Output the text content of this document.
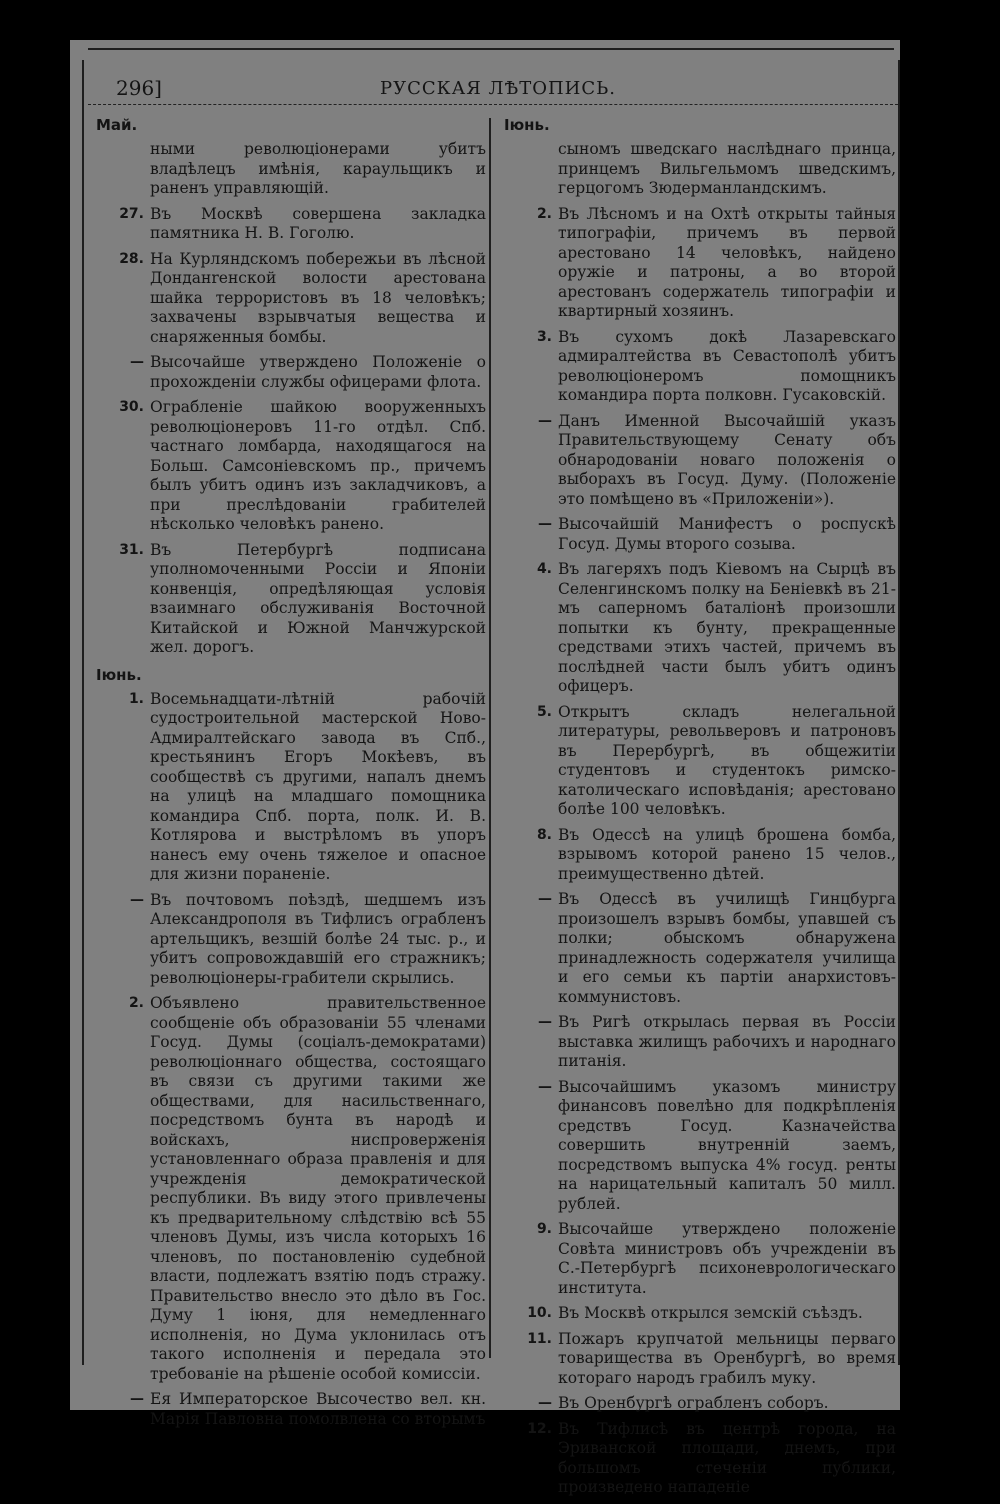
296]	РУССКАЯ ЛѢТОПИСЬ.
Май.
ными революціонерами убитъ владѣлецъ имѣнія, караульщикъ и раненъ управляющій.
27. Въ Москвѣ совершена закладка памятника Н. В. Гоголю.
28. На Курляндскомъ побережьи въ лѣсной Донданrенской волости арестована шайка террористовъ въ 18 человѣкъ; захвачены взрывчатыя вещества и снаряженныя бомбы.
— Высочайше утверждено Положеніе о прохожденіи службы офицерами флота.
30. Ограбленіе шайкою вооруженныхъ революціонеровъ 11-го отдѣл. Спб. частнаго ломбарда, находящагося на Больш. Самсоніевскомъ пр., причемъ былъ убитъ одинъ изъ закладчиковъ, а при преслѣдованіи грабителей нѣсколько человѣкъ ранено.
31. Въ Петербургѣ подписана уполномоченными Россіи и Японіи конвенція, опредѣляющая условія взаимнаго обслуживанія Восточной Китайской и Южной Манчжурской жел. дорогъ.
Іюнь.
1. Восемьнадцати-лѣтній рабочій судостроительной мастерской Ново-Адмиралтейскаго завода въ Спб., крестьянинъ Егоръ Мокѣевъ, въ сообществѣ съ другими, напалъ днемъ на улицѣ на младшаго помощника командира Спб. порта, полк. И. В. Котлярова и выстрѣломъ въ упоръ нанесъ ему очень тяжелое и опасное для жизни пораненіе.
— Въ почтовомъ поѣздѣ, шедшемъ изъ Александрополя въ Тифлисъ ограбленъ артельщикъ, везшій болѣе 24 тыс. р., и убитъ сопровождавшій его стражникъ; революціонеры-грабители скрылись.
2. Объявлено правительственное сообщеніе объ образованіи 55 членами Госуд. Думы (соціалъ-демократами) революціоннаго общества, состоящаго въ связи съ другими такими же обществами, для насильственнаго, посредствомъ бунта въ народѣ и войскахъ, ниспроверженія установленнаго образа правленія и для учрежденія демократической республики. Въ виду этого привлечены къ предварительному слѣдствію всѣ 55 членовъ Думы, изъ числа которыхъ 16 членовъ, по постановленію судебной власти, подлежатъ взятію подъ стражу. Правительство внесло это дѣло въ Гос. Думу 1 іюня, для немедленнаго исполненія, но Дума уклонилась отъ такого исполненія и передала это требованіе на рѣшеніе особой комиссіи.
— Ея Императорское Высочество вел. кн. Марія Павловна помолвлена со вторымъ
Іюнь.
сыномъ шведскаго наслѣднаго принца, принцемъ Вильгельмомъ шведскимъ, герцогомъ Зюдерманландскимъ.
2. Въ Лѣсномъ и на Охтѣ открыты тайныя типографіи, причемъ въ первой арестовано 14 человѣкъ, найдено оружіе и патроны, а во второй арестованъ содержатель типографіи и квартирный хозяинъ.
3. Въ сухомъ докѣ Лазаревскаго адмиралтейства въ Севастополѣ убитъ революціонеромъ помощникъ командира порта полковн. Гусаковскій.
— Данъ Именной Высочайшій указъ Правительствующему Сенату объ обнародованіи новаго положенія о выборахъ въ Госуд. Думу. (Положеніе это помѣщено въ «Приложеніи»).
— Высочайшій Манифестъ о роспускѣ Госуд. Думы второго созыва.
4. Въ лагеряхъ подъ Кіевомъ на Сырцѣ въ Селенгинскомъ полку на Бенiевкѣ въ 21-мъ саперномъ баталіонѣ произошли попытки къ бунту, прекращенные средствами этихъ частей, причемъ въ послѣдней части былъ убитъ одинъ офицеръ.
5. Открытъ складъ нелегальной литературы, револьверовъ и патроновъ въ Перербургѣ, въ общежитіи студентовъ и студентокъ римско-католическаго исповѣданія; арестовано болѣе 100 человѣкъ.
8. Въ Одессѣ на улицѣ брошена бомба, взрывомъ которой ранено 15 челов., преимущественно дѣтей.
— Въ Одессѣ въ училищѣ Гинцбурга произошелъ взрывъ бомбы, упавшей съ полки; обыскомъ обнаружена принадлежность содержателя училища и его семьи къ партіи анархистовъ-коммунистовъ.
— Въ Ригѣ открылась первая въ Россіи выставка жилищъ рабочихъ и народнаго питанія.
— Высочайшимъ указомъ министру финансовъ повелѣно для подкрѣпленія средствъ Госуд. Казначейства совершить внутренній заемъ, посредствомъ выпуска 4% госуд. ренты на нарицательный капиталъ 50 милл. рублей.
9. Высочайше утверждено положеніе Совѣта министровъ объ учрежденіи въ С.-Петербургѣ психоневрологическаго института.
10. Въ Москвѣ открылся земскій съѣздъ.
11. Пожаръ крупчатой мельницы перваго товарищества въ Оренбургѣ, во время котораго народъ грабилъ муку.
— Въ Оренбургѣ ограбленъ соборъ.
12. Въ Тифлисѣ въ центрѣ города, на Эриванской площади, днемъ, при большомъ стеченіи публики, произведено нападеніе
